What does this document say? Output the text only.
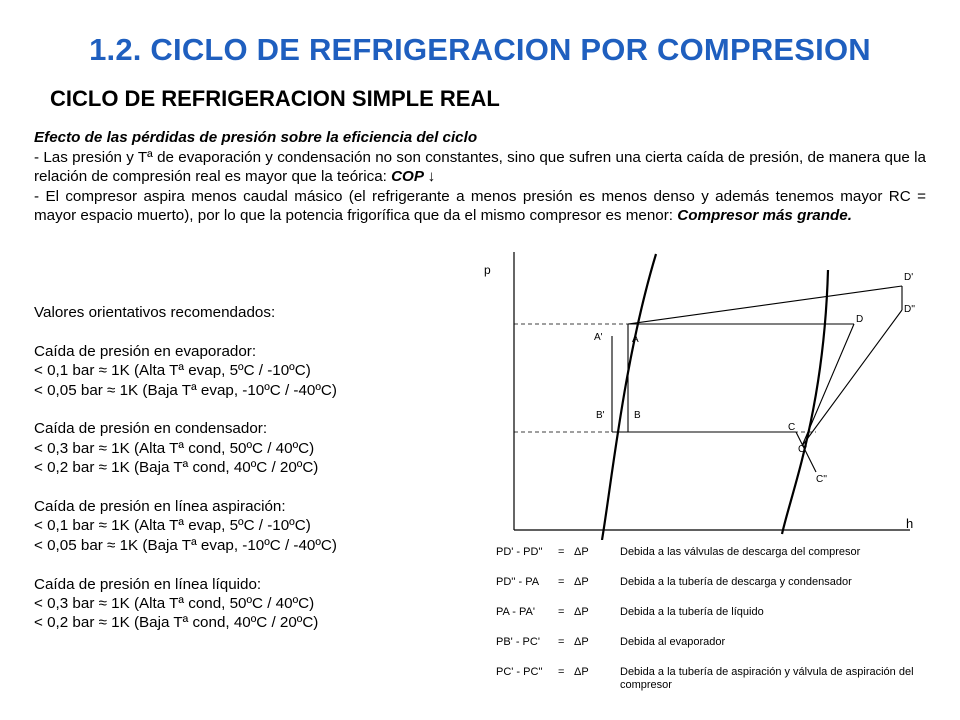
1.2. CICLO DE REFRIGERACION POR COMPRESION
CICLO DE REFRIGERACION SIMPLE REAL
Efecto de las pérdidas de presión sobre la eficiencia del ciclo
- Las presión y Tª de evaporación y condensación no son constantes, sino que sufren una cierta caída de presión, de manera que la relación de compresión real es mayor que la teórica: COP ↓
- El compresor aspira menos caudal másico (el refrigerante a menos presión es menos denso y además tenemos mayor RC = mayor espacio muerto), por lo que la potencia frigorífica que da el mismo compresor es menor: Compresor más grande.
Valores orientativos recomendados:
Caída de presión en evaporador:
< 0,1 bar ≈ 1K (Alta Tª evap, 5ºC / -10ºC)
< 0,05 bar ≈ 1K (Baja Tª evap, -10ºC / -40ºC)
Caída de presión en condensador:
< 0,3 bar ≈ 1K (Alta Tª cond, 50ºC / 40ºC)
< 0,2 bar ≈ 1K (Baja Tª cond, 40ºC / 20ºC)
Caída de presión en línea aspiración:
< 0,1 bar ≈ 1K (Alta Tª evap, 5ºC / -10ºC)
< 0,05 bar ≈ 1K (Baja Tª evap, -10ºC / -40ºC)
Caída de presión en línea líquido:
< 0,3 bar ≈ 1K (Alta Tª cond, 50ºC / 40ºC)
< 0,2 bar ≈ 1K (Baja Tª cond, 40ºC / 20ºC)
p
h
D'
D''
D
A'	A
B'	B
C
C'
C''
PD' - PD'' = ΔP	Debida a las válvulas de descarga del compresor
PD'' - PA = ΔP	Debida a la tubería de descarga y condensador
PA - PA' = ΔP	Debida a la tubería de líquido
PB' - PC' = ΔP	Debida al evaporador
PC' - PC'' = ΔP	Debida a la tubería de aspiración y válvula de aspiración del compresor
